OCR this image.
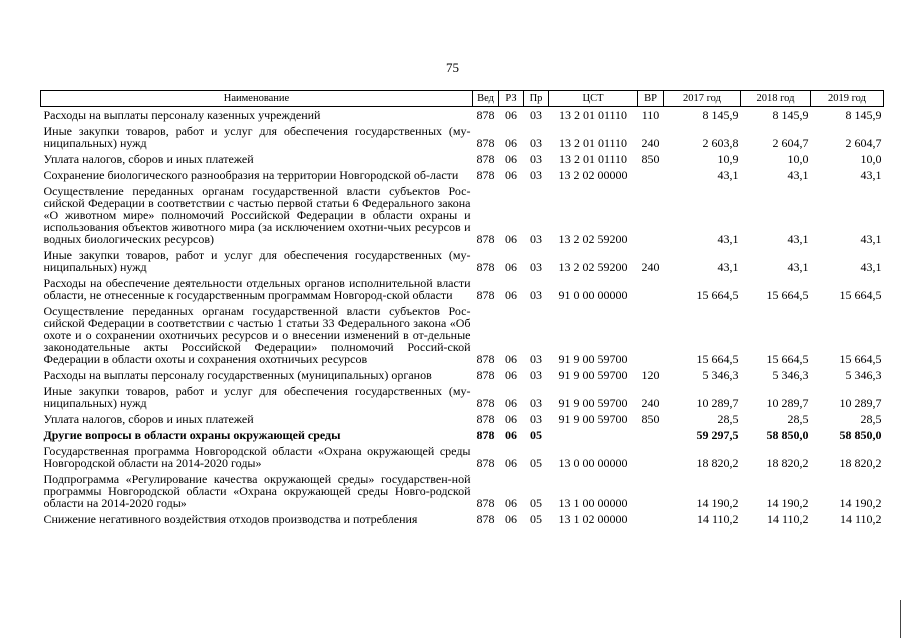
75
Наименование	Вед	РЗ	Пр	ЦСТ	ВР	2017 год	2018 год	2019 год
Расходы на выплаты персоналу казенных учреждений	878	06	03	13 2 01 01110	110	8 145,9	8 145,9	8 145,9
Иные закупки товаров, работ и услуг для обеспечения государственных (му-ниципальных) нужд	878	06	03	13 2 01 01110	240	2 603,8	2 604,7	2 604,7
Уплата налогов, сборов и иных платежей	878	06	03	13 2 01 01110	850	10,9	10,0	10,0
Сохранение биологического разнообразия на территории Новгородской об-ласти	878	06	03	13 2 02 00000		43,1	43,1	43,1
Осуществление переданных органам государственной власти субъектов Рос-сийской Федерации в соответствии с частью первой статьи 6 Федерального закона «О животном мире» полномочий Российской Федерации в области охраны и использования объектов животного мира (за исключением охотни-чьих ресурсов и водных биологических ресурсов)	878	06	03	13 2 02 59200		43,1	43,1	43,1
Иные закупки товаров, работ и услуг для обеспечения государственных (му-ниципальных) нужд	878	06	03	13 2 02 59200	240	43,1	43,1	43,1
Расходы на обеспечение деятельности отдельных органов исполнительной власти области, не отнесенные к государственным программам Новгород-ской области	878	06	03	91 0 00 00000		15 664,5	15 664,5	15 664,5
Осуществление переданных органам государственной власти субъектов Рос-сийской Федерации в соответствии с частью 1 статьи 33 Федерального закона «Об охоте и о сохранении охотничьих ресурсов и о внесении изменений в от-дельные законодательные акты Российской Федерации» полномочий Россий-ской Федерации в области охоты и сохранения охотничьих ресурсов	878	06	03	91 9 00 59700		15 664,5	15 664,5	15 664,5
Расходы на выплаты персоналу государственных (муниципальных) органов	878	06	03	91 9 00 59700	120	5 346,3	5 346,3	5 346,3
Иные закупки товаров, работ и услуг для обеспечения государственных (му-ниципальных) нужд	878	06	03	91 9 00 59700	240	10 289,7	10 289,7	10 289,7
Уплата налогов, сборов и иных платежей	878	06	03	91 9 00 59700	850	28,5	28,5	28,5
Другие вопросы в области охраны окружающей среды	878	06	05			59 297,5	58 850,0	58 850,0
Государственная программа Новгородской области «Охрана окружающей среды Новгородской области на 2014-2020 годы»	878	06	05	13 0 00 00000		18 820,2	18 820,2	18 820,2
Подпрограмма «Регулирование качества окружающей среды» государствен-ной программы Новгородской области «Охрана окружающей среды Новго-родской области на 2014-2020 годы»	878	06	05	13 1 00 00000		14 190,2	14 190,2	14 190,2
Снижение негативного воздействия отходов производства и потребления	878	06	05	13 1 02 00000		14 110,2	14 110,2	14 110,2
